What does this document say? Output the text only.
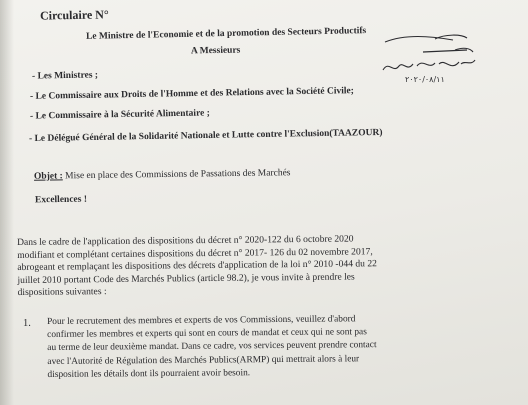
Circulaire N°
Le Ministre de l'Economie et de la promotion des Secteurs Productifs
A Messieurs
٢٠٢٠/٠٨/١١
- Les Ministres ;
- Le Commissaire aux Droits de l'Homme et des Relations avec la Société Civile;
- Le Commissaire à la Sécurité Alimentaire ;
- Le Délégué Général de la Solidarité Nationale et Lutte contre l'Exclusion(TAAZOUR)
Objet : Mise en place des Commissions de Passations des Marchés
Excellences !
Dans le cadre de l'application des dispositions du décret n° 2020-122 du 6 octobre 2020
modifiant et complétant certaines dispositions du décret n° 2017- 126 du 02 novembre 2017,
abrogeant et remplaçant les dispositions des décrets d'application de la loi n° 2010 -044 du 22
juillet 2010 portant Code des Marchés Publics (article 98.2), je vous invite à prendre les
dispositions suivantes :
1. Pour le recrutement des membres et experts de vos Commissions, veuillez d'abord
confirmer les membres et experts qui sont en cours de mandat et ceux qui ne sont pas
au terme de leur deuxième mandat. Dans ce cadre, vos services peuvent prendre contact
avec l'Autorité de Régulation des Marchés Publics(ARMP) qui mettrait alors à leur
disposition les détails dont ils pourraient avoir besoin.
